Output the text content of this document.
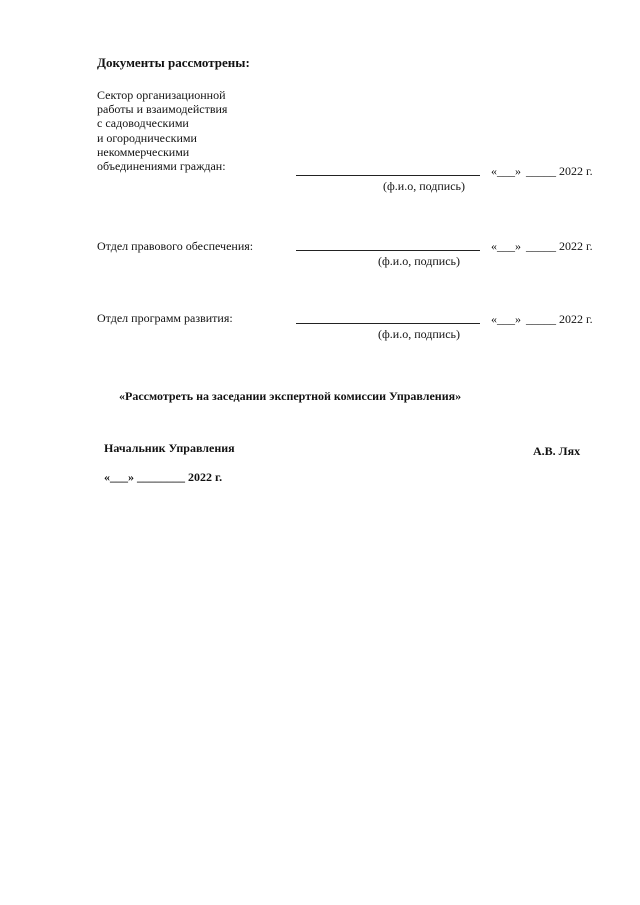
Документы рассмотрены:
Сектор организационной
работы и взаимодействия
с садоводческими
и огородническими
некоммерческими
объединениями граждан:	«___» _____ 2022 г.
(ф.и.о, подпись)
Отдел правового обеспечения:	«___» _____ 2022 г.
(ф.и.о, подпись)
Отдел программ развития:	«___» _____ 2022 г.
(ф.и.о, подпись)
«Рассмотреть на заседании экспертной комиссии Управления»
Начальник Управления	А.В. Лях
«___» ________ 2022 г.
